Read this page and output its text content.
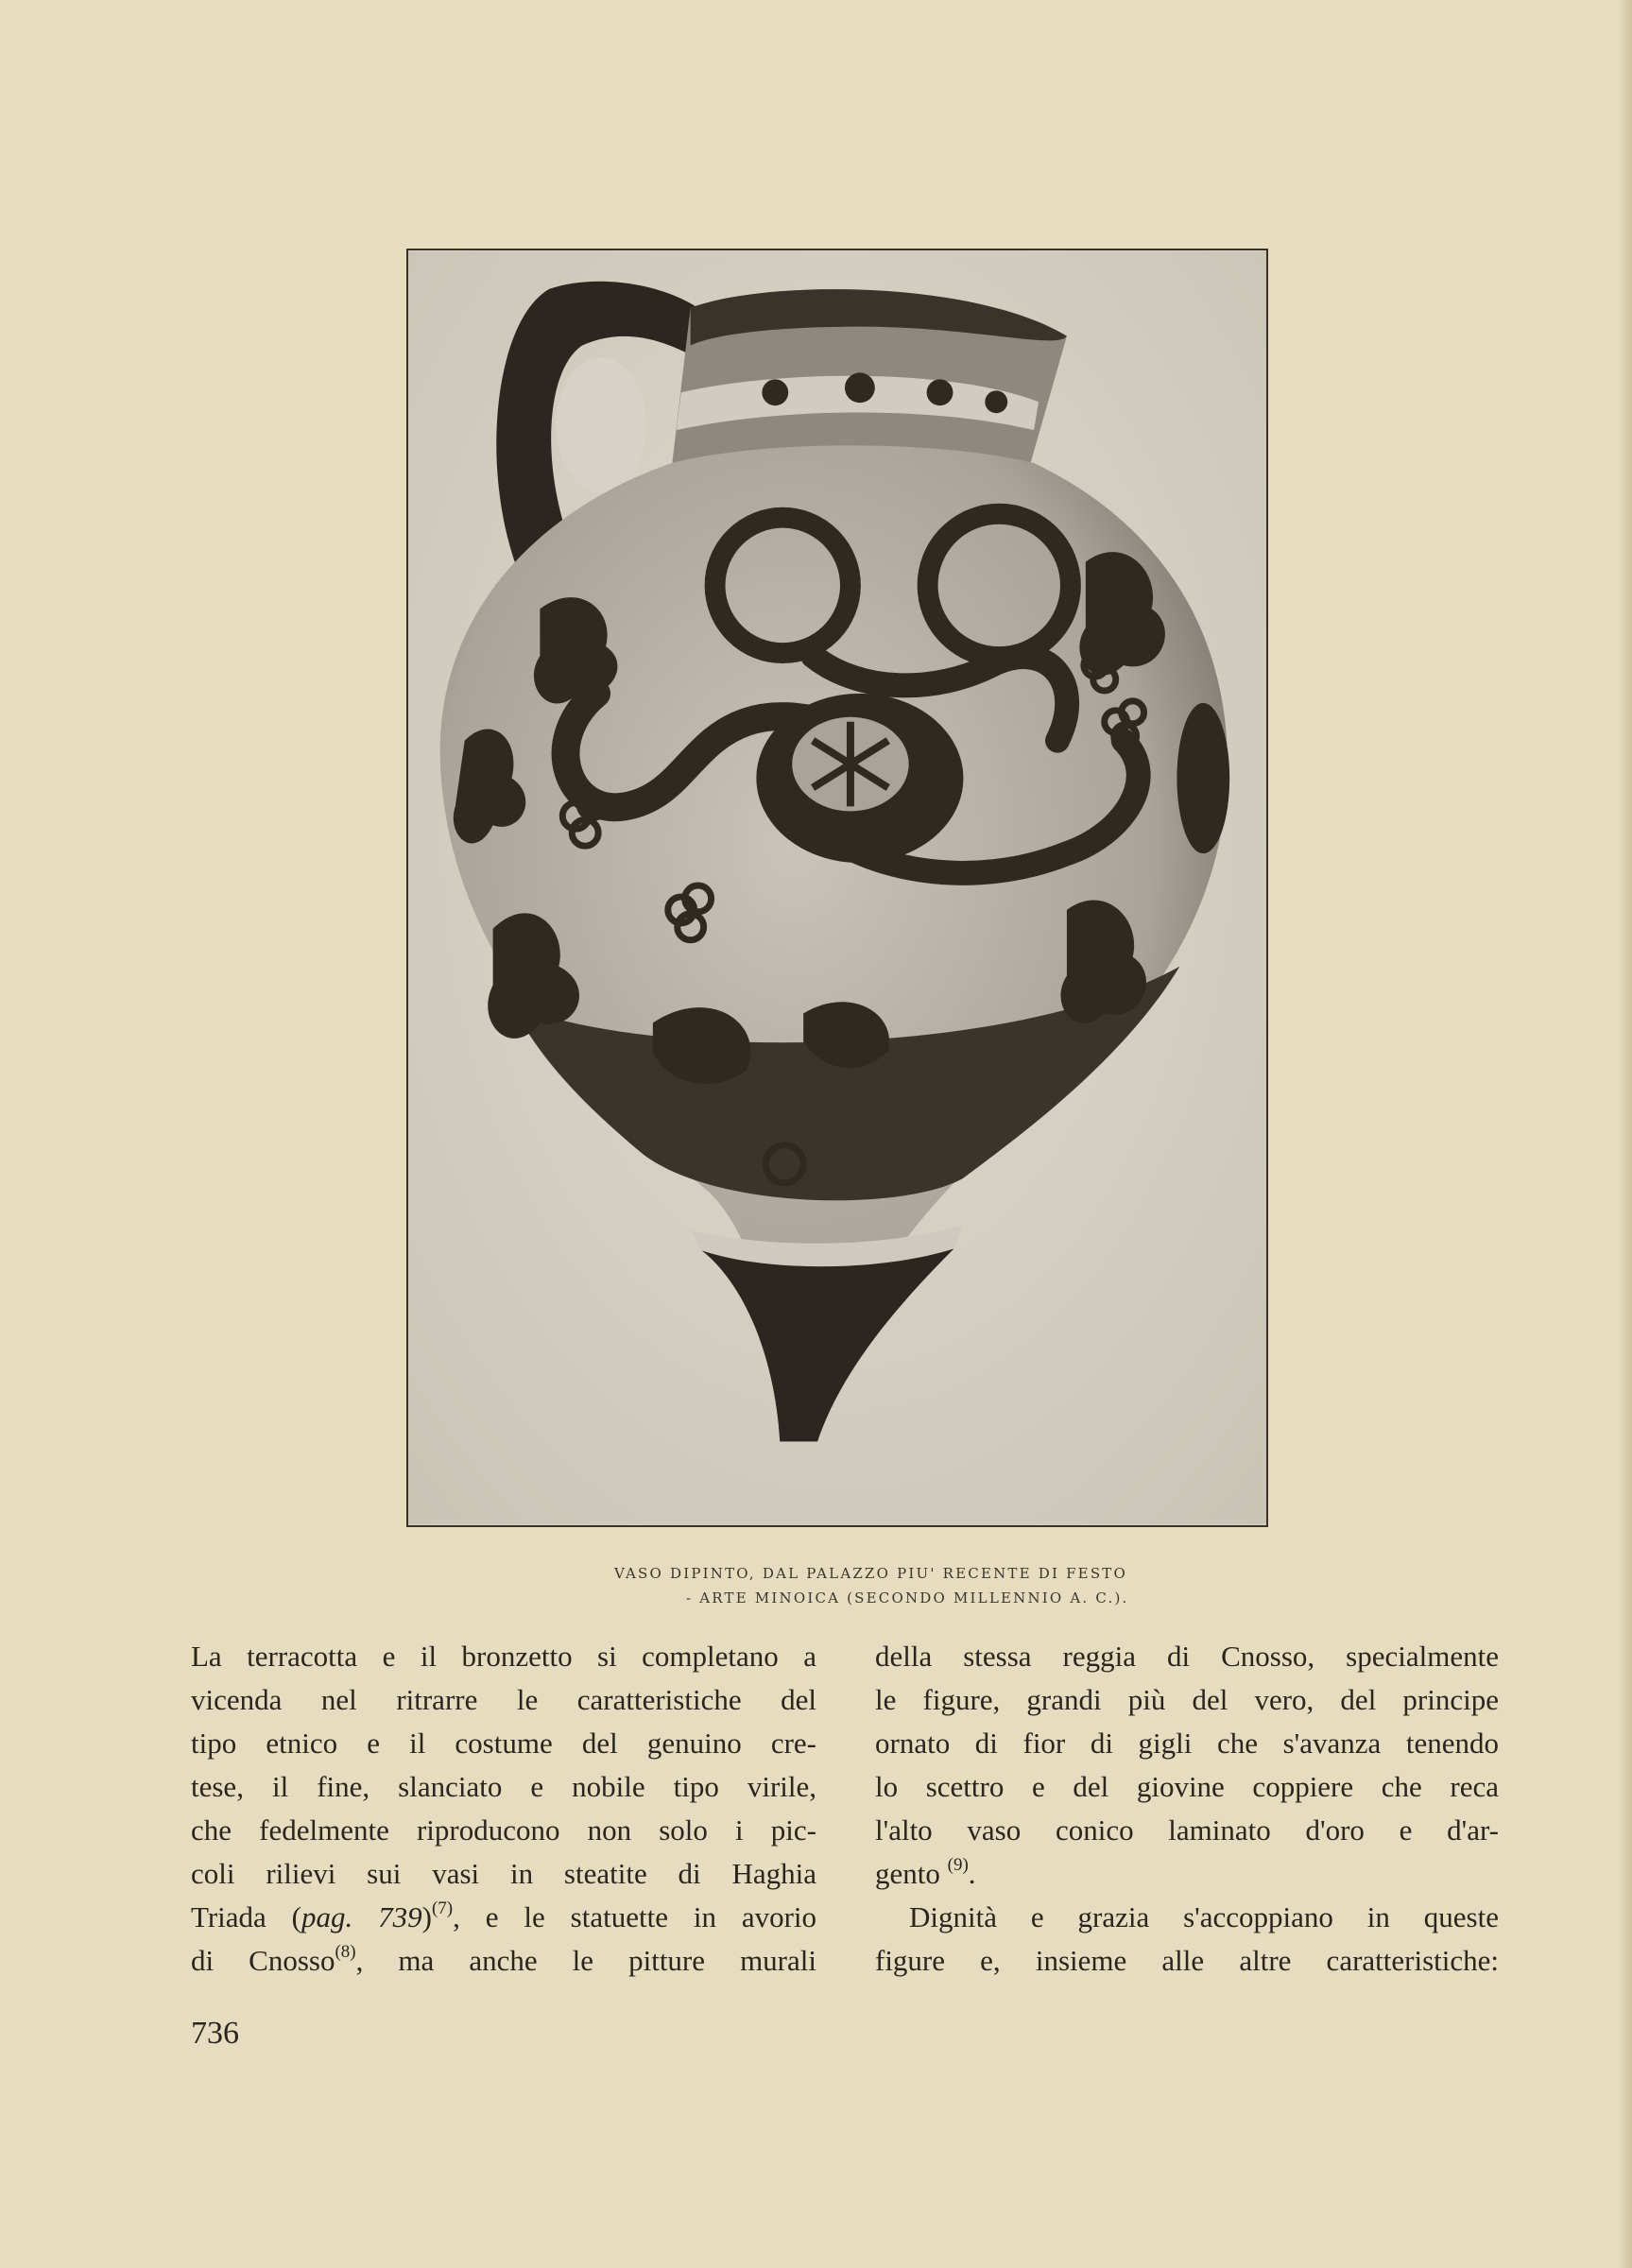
VASO DIPINTO, DAL PALAZZO PIU' RECENTE DI FESTO
- ARTE MINOICA (SECONDO MILLENNIO A. C.).
La terracotta e il bronzetto si completano a
vicenda nel ritrarre le caratteristiche del
tipo etnico e il costume del genuino cre-
tese, il fine, slanciato e nobile tipo virile,
che fedelmente riproducono non solo i pic-
coli rilievi sui vasi in steatite di Haghia
Triada (pag. 739)$^{(7)}$, e le statuette in avorio
di Cnosso$^{(8)}$, ma anche le pitture murali
della stessa reggia di Cnosso, specialmente
le figure, grandi più del vero, del principe
ornato di fior di gigli che s'avanza tenendo
lo scettro e del giovine coppiere che reca
l'alto vaso conico laminato d'oro e d'ar-
gento $^{(9)}$.
Dignità e grazia s'accoppiano in queste
figure e, insieme alle altre caratteristiche:
736
